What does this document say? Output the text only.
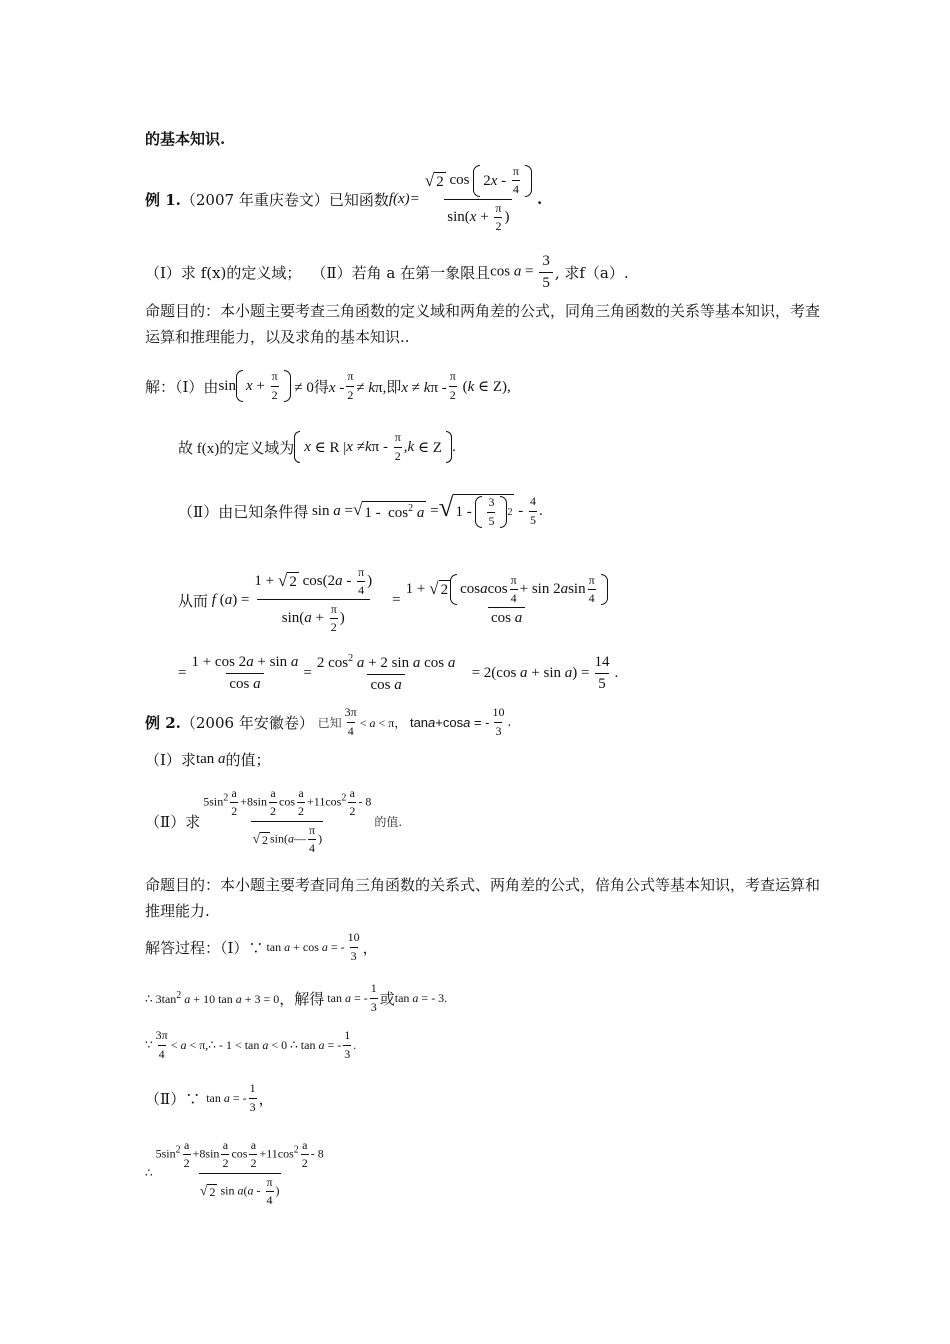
的基本知识.
例 1. （2007 年重庆卷文）已知函数 f(x)= √ 2 cos
2 x - $\frac{\pi}{4}$
$\sin(x + \frac{\pi}{2}$ ) .
（Ⅰ）求 f(x)的定义域； （Ⅱ）若角 a 在第一象限且 $\cos a = \frac{3}{5}$ , 求f（a）.
命题目的：本小题主要考查三角函数的定义域和两角差的公式，同角三角函数的关系等基本知识，考查运算和推理能力，以及求角的基本知识..
解：（Ⅰ）由 $\sin x + \frac{\pi}{2} \ne 0$得$x - \frac{\pi}{2} \ne k\pi$,即$x \ne k\pi - \frac{\pi}{2} (k$ ∈ Z),
故 f(x)的定义域为 x ∈ R | x ≠ k π - $\frac{\pi}{2}$ , k ∈ Z .
（Ⅱ）由已知条件得 sin a = √ $1 - \cos^2 a$ = √ $1 - \frac{3}{5} 2 - \frac{4}{5}$ .
从而 f $(a) = \frac{1 + √ 2 \cos(2a - \frac{\pi}{4} )}{\sin(a + \frac{\pi}{2} )} = \frac{1 + √ 2 \cos a \cos \frac{\pi}{4} + \sin 2 a \sin \frac{\pi}{4}}{\text{cos a}}$
= $\frac{\text{1 + cos 2a + sin a}}{\text{cos a}} = \frac{2 \cos^2 a + 2 \sin a \cos a}{\text{cos a}} = 2(\cos$ $a + \sin a) = \frac{14}{5}$ .
例 2. （2006 年安徽卷） 已知 $\frac{3\pi}{4} < a < \pi$， tana+cosa = - $\frac{10}{3}$ .
（Ⅰ）求 tan a 的值；
（Ⅱ）求 $\frac{5\sin^2 \frac{a}{2} +8\sin \frac{a}{2} \cos \frac{a}{2} +11\cos^2 \frac{a}{2} - 8}{√ 2 \sin(a— \frac{\pi}{4} )}$ 的值.
命题目的：本小题主要考查同角三角函数的关系式、两角差的公式，倍角公式等基本知识，考查运算和推理能力.
解答过程：（Ⅰ）∵ tan a + cos a = - $\frac{10}{3}$ ，
∴ $3\tan^2$ a + 10 tan a + 3 = 0 ，解得 tan a = - $\frac{1}{3}$ 或 tan a = - 3.
∵ $\frac{3\pi}{4} < a$ < π,∴ - 1 < tan a < 0 ∴ tan a = - $\frac{1}{3}$ .
（Ⅱ）∵ tan a = - $\frac{1}{3}$ ，
∴ $\frac{5\sin^2 \frac{a}{2} +8\sin \frac{a}{2} \cos \frac{a}{2} +11\cos^2 \frac{a}{2} - 8}{√ 2 \sin a(a - \frac{\pi}{4} )}$
